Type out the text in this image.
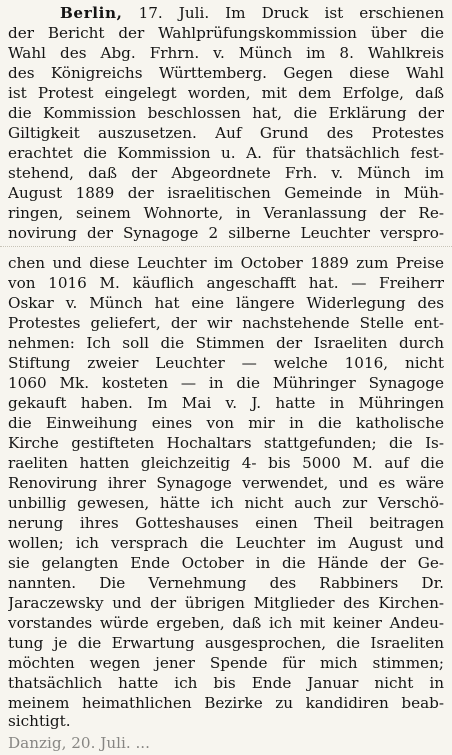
Berlin, 17. Juli. Im Druck ist erschienen
der Bericht der Wahlprüfungskommission über die
Wahl des Abg. Frhrn. v. Münch im 8. Wahlkreis
des Königreichs Württemberg. Gegen diese Wahl
ist Protest eingelegt worden, mit dem Erfolge, daß
die Kommission beschlossen hat, die Erklärung der
Giltigkeit auszusetzen. Auf Grund des Protestes
erachtet die Kommission u. A. für thatsächlich fest-
stehend, daß der Abgeordnete Frh. v. Münch im
August 1889 der israelitischen Gemeinde in Müh-
ringen, seinem Wohnorte, in Veranlassung der Re-
novirung der Synagoge 2 silberne Leuchter verspro-
chen und diese Leuchter im October 1889 zum Preise
von 1016 M. käuflich angeschafft hat. — Freiherr
Oskar v. Münch hat eine längere Widerlegung des
Protestes geliefert, der wir nachstehende Stelle ent-
nehmen: Ich soll die Stimmen der Israeliten durch
Stiftung zweier Leuchter — welche 1016, nicht
1060 Mk. kosteten — in die Mühringer Synagoge
gekauft haben. Im Mai v. J. hatte in Mühringen
die Einweihung eines von mir in die katholische
Kirche gestifteten Hochaltars stattgefunden; die Is-
raeliten hatten gleichzeitig 4- bis 5000 M. auf die
Renovirung ihrer Synagoge verwendet, und es wäre
unbillig gewesen, hätte ich nicht auch zur Verschö-
nerung ihres Gotteshauses einen Theil beitragen
wollen; ich versprach die Leuchter im August und
sie gelangten Ende October in die Hände der Ge-
nannten. Die Vernehmung des Rabbiners Dr.
Jaraczewsky und der übrigen Mitglieder des Kirchen-
vorstandes würde ergeben, daß ich mit keiner Andeu-
tung je die Erwartung ausgesprochen, die Israeliten
möchten wegen jener Spende für mich stimmen;
thatsächlich hatte ich bis Ende Januar nicht in
meinem heimathlichen Bezirke zu kandidiren beab-
sichtigt.
Danzig, 20. Juli. ...
